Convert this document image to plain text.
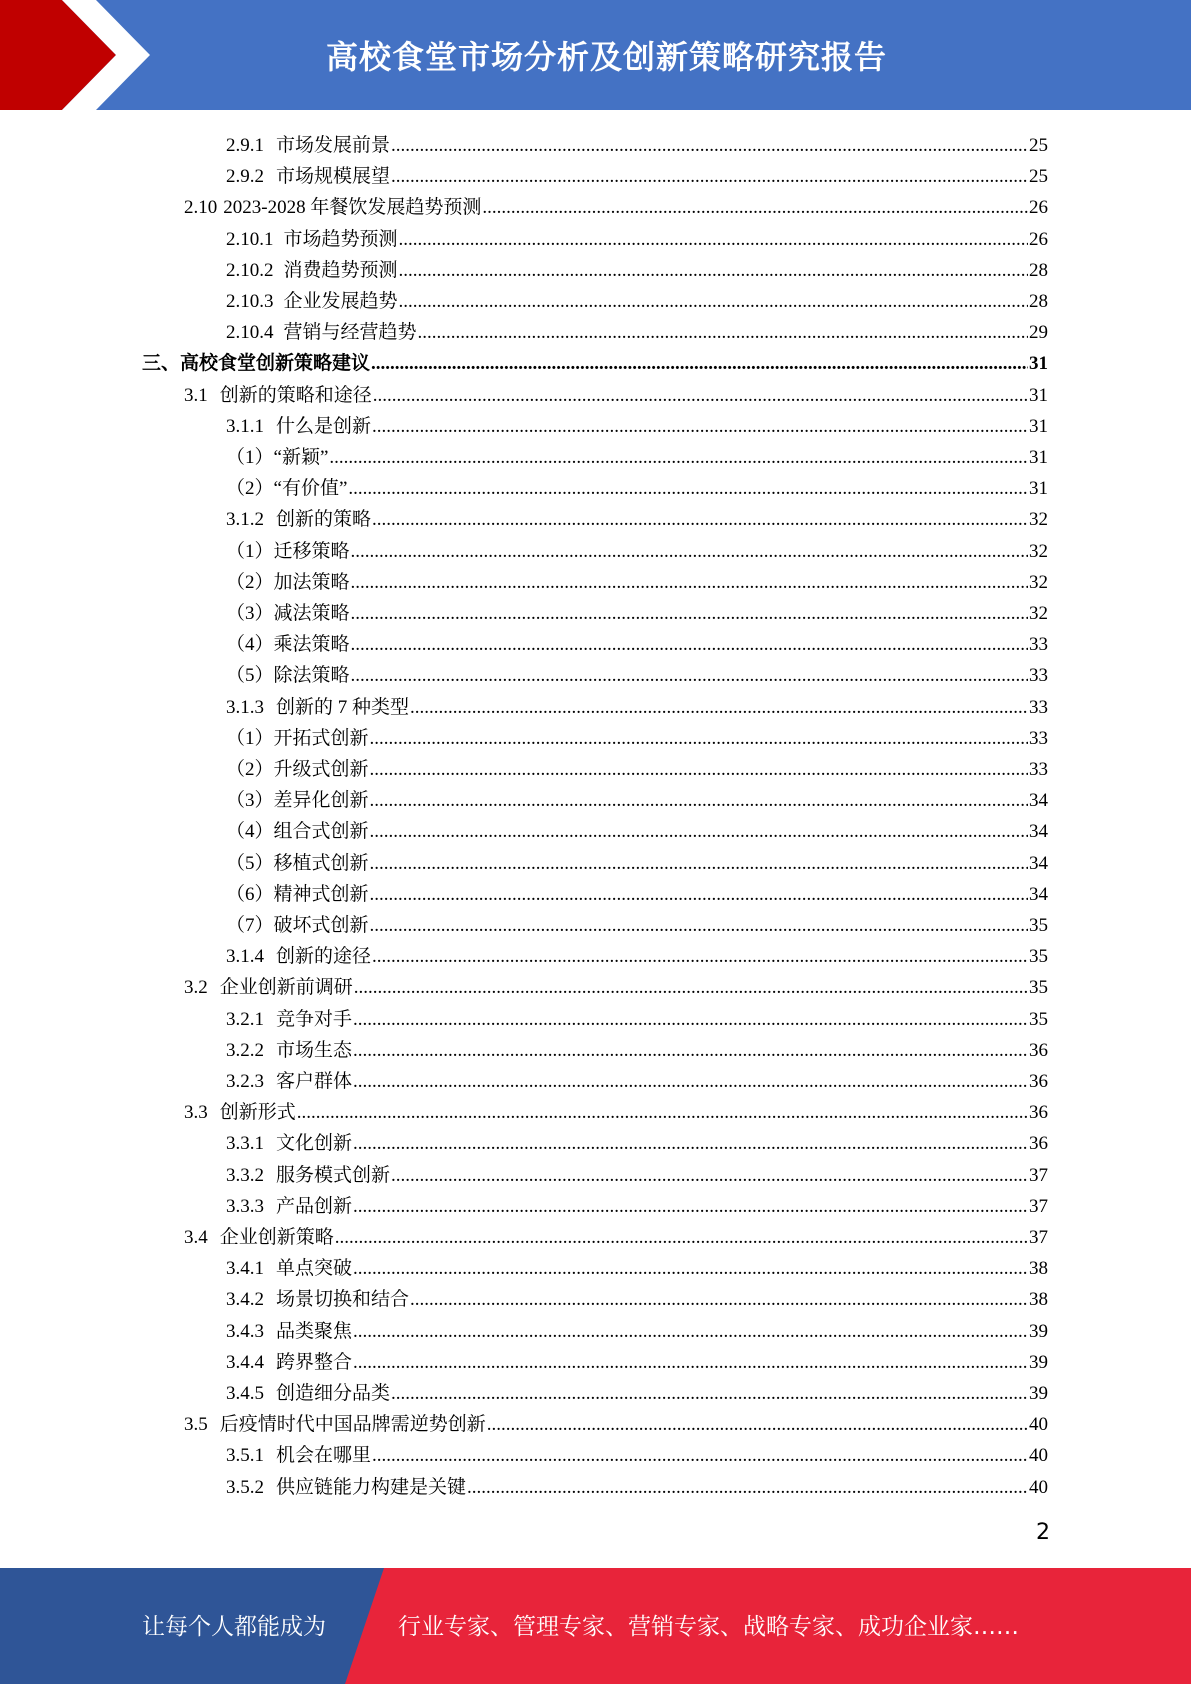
高校食堂市场分析及创新策略研究报告
2.9.1 市场发展前景 .....	25
2.9.2 市场规模展望 .....	25
2.10 2023-2028 年餐饮发展趋势预测 .....	26
2.10.1 市场趋势预测 .....	26
2.10.2 消费趋势预测 .....	28
2.10.3 企业发展趋势 .....	28
2.10.4 营销与经营趋势 .....	29
三、 高校食堂创新策略建议 .....	31
3.1 创新的策略和途径 .....	31
3.1.1 什么是创新 .....	31
（1） “新颖” .....	31
（2） “有价值” .....	31
3.1.2 创新的策略 .....	32
（1） 迁移策略 .....	32
（2） 加法策略 .....	32
（3） 减法策略 .....	32
（4） 乘法策略 .....	33
（5） 除法策略 .....	33
3.1.3 创新的 7 种类型 .....	33
（1） 开拓式创新 .....	33
（2） 升级式创新 .....	33
（3） 差异化创新 .....	34
（4） 组合式创新 .....	34
（5） 移植式创新 .....	34
（6） 精神式创新 .....	34
（7） 破坏式创新 .....	35
3.1.4 创新的途径 .....	35
3.2 企业创新前调研 .....	35
3.2.1 竞争对手 .....	35
3.2.2 市场生态 .....	36
3.2.3 客户群体 .....	36
3.3 创新形式 .....	36
3.3.1 文化创新 .....	36
3.3.2 服务模式创新 .....	37
3.3.3 产品创新 .....	37
3.4 企业创新策略 .....	37
3.4.1 单点突破 .....	38
3.4.2 场景切换和结合 .....	38
3.4.3 品类聚焦 .....	39
3.4.4 跨界整合 .....	39
3.4.5 创造细分品类 .....	39
3.5 后疫情时代中国品牌需逆势创新 .....	40
3.5.1 机会在哪里 .....	40
3.5.2 供应链能力构建是关键 .....	40
2
让每个人都能成为	行业专家、管理专家、营销专家、战略专家、成功企业家……
